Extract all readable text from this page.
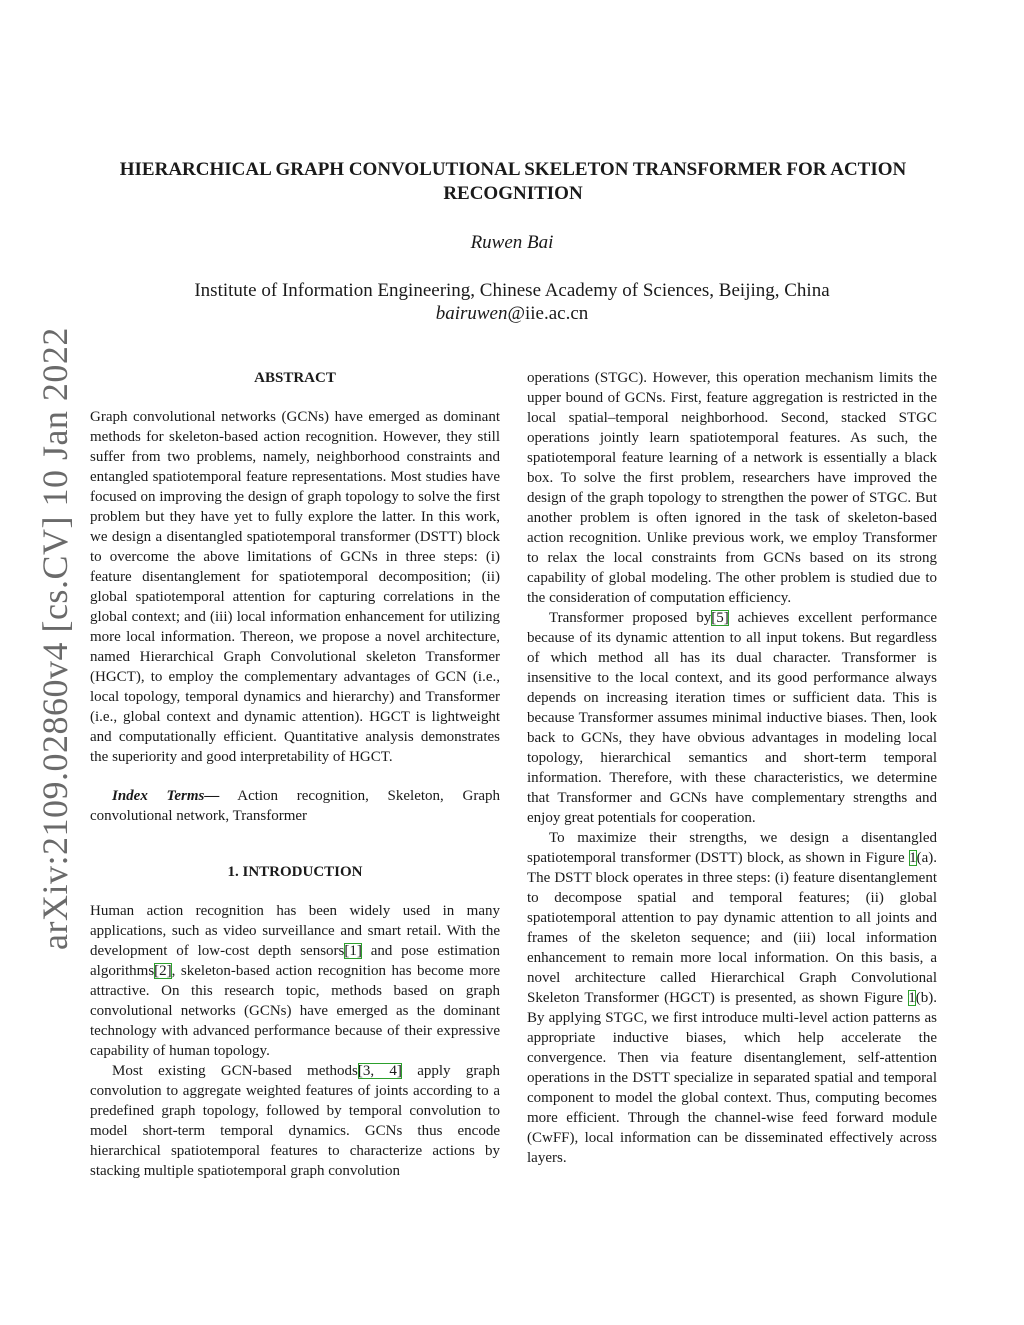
HIERARCHICAL GRAPH CONVOLUTIONAL SKELETON TRANSFORMER FOR ACTION RECOGNITION
Ruwen Bai
Institute of Information Engineering, Chinese Academy of Sciences, Beijing, China
bairuwen@iie.ac.cn
arXiv:2109.02860v4 [cs.CV] 10 Jan 2022	ABSTRACT

Graph convolutional networks (GCNs) have emerged as dominant methods for skeleton-based action recognition. However, they still suffer from two problems, namely, neighborhood constraints and entangled spatiotemporal feature representations. Most studies have focused on improving the design of graph topology to solve the first problem but they have yet to fully explore the latter. In this work, we design a disentangled spatiotemporal transformer (DSTT) block to overcome the above limitations of GCNs in three steps: (i) feature disentanglement for spatiotemporal decomposition; (ii) global spatiotemporal attention for capturing correlations in the global context; and (iii) local information enhancement for utilizing more local information. Thereon, we propose a novel architecture, named Hierarchical Graph Convolutional skeleton Transformer (HGCT), to employ the complementary advantages of GCN (i.e., local topology, temporal dynamics and hierarchy) and Transformer (i.e., global context and dynamic attention). HGCT is lightweight and computationally efficient. Quantitative analysis demonstrates the superiority and good interpretability of HGCT.

Index Terms— Action recognition, Skeleton, Graph convolutional network, Transformer

1. INTRODUCTION

Human action recognition has been widely used in many applications, such as video surveillance and smart retail. With the development of low-cost depth sensors[1] and pose estimation algorithms[2], skeleton-based action recognition has become more attractive. On this research topic, methods based on graph convolutional networks (GCNs) have emerged as the dominant technology with advanced performance because of their expressive capability of human topology.

Most existing GCN-based methods[3, 4] apply graph convolution to aggregate weighted features of joints according to a predefined graph topology, followed by temporal convolution to model short-term temporal dynamics. GCNs thus encode hierarchical spatiotemporal features to characterize actions by stacking multiple spatiotemporal graph convolution

operations (STGC). However, this operation mechanism limits the upper bound of GCNs. First, feature aggregation is restricted in the local spatial–temporal neighborhood. Second, stacked STGC operations jointly learn spatiotemporal features. As such, the spatiotemporal feature learning of a network is essentially a black box. To solve the first problem, researchers have improved the design of the graph topology to strengthen the power of STGC. But another problem is often ignored in the task of skeleton-based action recognition. Unlike previous work, we employ Transformer to relax the local constraints from GCNs based on its strong capability of global modeling. The other problem is studied due to the consideration of computation efficiency.

Transformer proposed by[5] achieves excellent performance because of its dynamic attention to all input tokens. But regardless of which method all has its dual character. Transformer is insensitive to the local context, and its good performance always depends on increasing iteration times or sufficient data. This is because Transformer assumes minimal inductive biases. Then, look back to GCNs, they have obvious advantages in modeling local topology, hierarchical semantics and short-term temporal information. Therefore, with these characteristics, we determine that Transformer and GCNs have complementary strengths and enjoy great potentials for cooperation.

To maximize their strengths, we design a disentangled spatiotemporal transformer (DSTT) block, as shown in Figure 1(a). The DSTT block operates in three steps: (i) feature disentanglement to decompose spatial and temporal features; (ii) global spatiotemporal attention to pay dynamic attention to all joints and frames of the skeleton sequence; and (iii) local information enhancement to remain more local information. On this basis, a novel architecture called Hierarchical Graph Convolutional Skeleton Transformer (HGCT) is presented, as shown Figure 1(b). By applying STGC, we first introduce multi-level action patterns as appropriate inductive biases, which help accelerate the convergence. Then via feature disentanglement, self-attention operations in the DSTT specialize in separated spatial and temporal component to model the global context. Thus, computing becomes more efficient. Through the channel-wise feed forward module (CwFF), local information can be disseminated effectively across layers.
